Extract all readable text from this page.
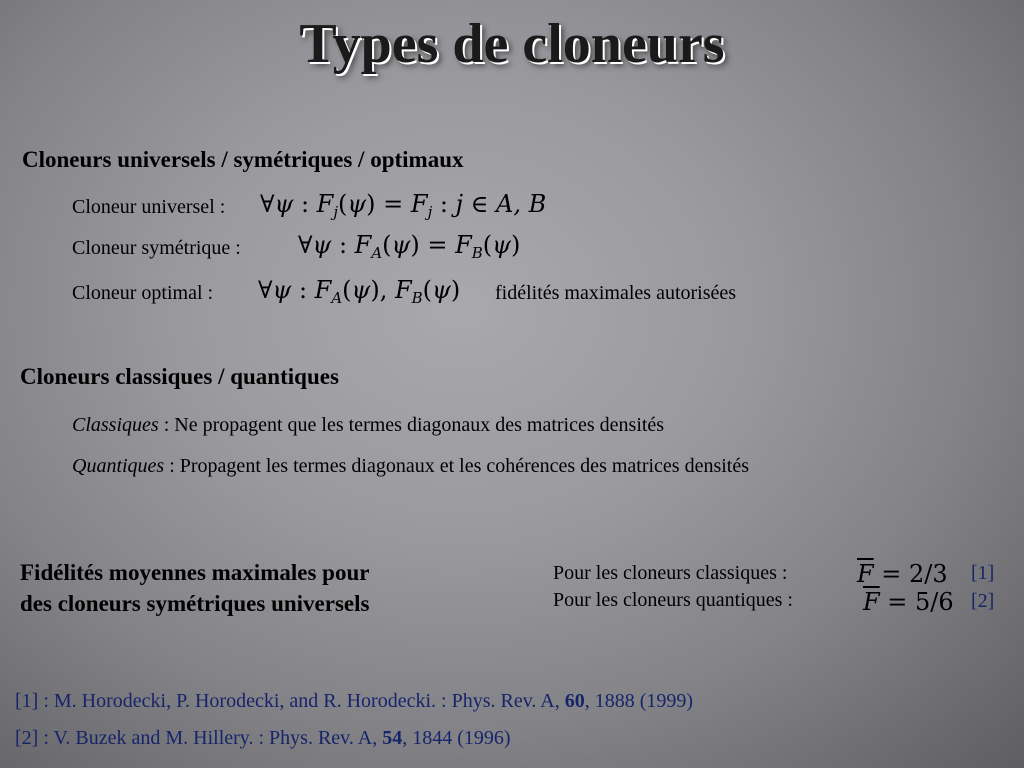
Types de cloneurs
Cloneurs universels / symétriques / optimaux
Cloneur universel : ∀ψ : $F_j(\psi) = F_j$ : j ∈ A, B
Cloneur symétrique : ∀ψ : $F_A(\psi) = F_B(\psi)$
Cloneur optimal : ∀ψ : $F_A(\psi)$, $F_B(\psi)$ fidélités maximales autorisées
Cloneurs classiques / quantiques
Classiques : Ne propagent que les termes diagonaux des matrices densités
Quantiques : Propagent les termes diagonaux et les cohérences des matrices densités
Fidélités moyennes maximales pour
des cloneurs symétriques universels
Pour les cloneurs classiques :	$\overline{F} = 2/3$ [1]
Pour les cloneurs quantiques :	$\overline{F} = 5/6$ [2]
[1] : M. Horodecki, P. Horodecki, and R. Horodecki. : Phys. Rev. A, 60, 1888 (1999)
[2] : V. Buzek and M. Hillery. : Phys. Rev. A, 54, 1844 (1996)
